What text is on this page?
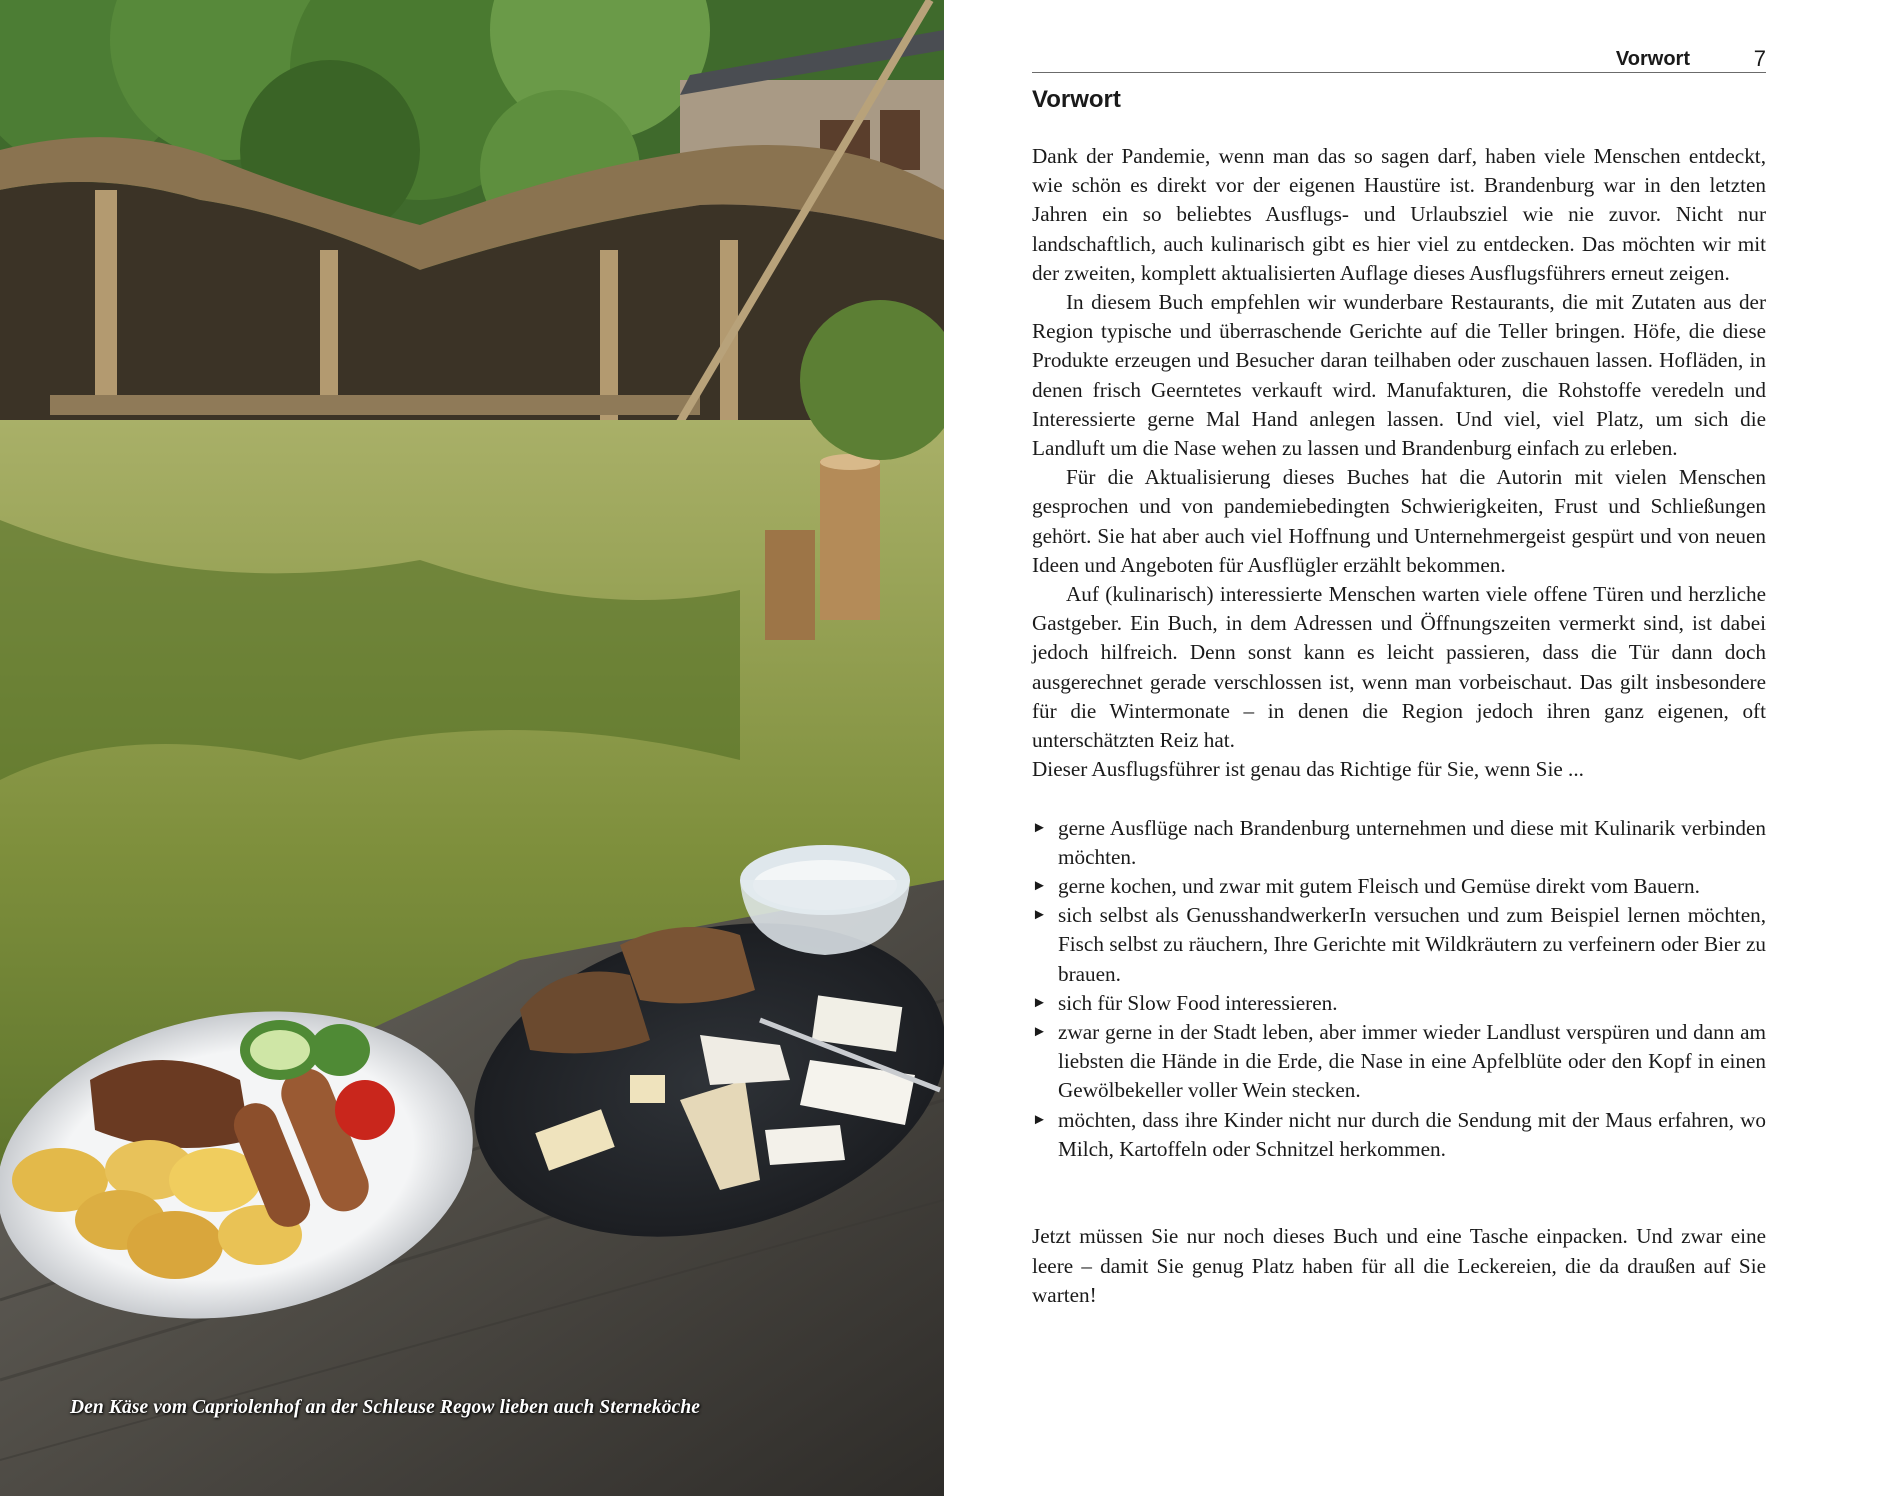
Den Käse vom Capriolenhof an der Schleuse Regow lieben auch Sterneköche
Vorwort	7
Vorwort

Dank der Pandemie, wenn man das so sagen darf, haben viele Menschen entdeckt, wie schön es direkt vor der eigenen Haustüre ist. Brandenburg war in den letzten Jahren ein so beliebtes Ausflugs- und Urlaubsziel wie nie zuvor. Nicht nur landschaftlich, auch kulinarisch gibt es hier viel zu entdecken. Das möchten wir mit der zweiten, komplett aktualisierten Auflage dieses Ausflugsführers erneut zeigen.

In diesem Buch empfehlen wir wunderbare Restaurants, die mit Zutaten aus der Region typische und überraschende Gerichte auf die Teller bringen. Höfe, die diese Produkte erzeugen und Besucher daran teilhaben oder zuschauen lassen. Hofläden, in denen frisch Geerntetes verkauft wird. Manufakturen, die Rohstoffe veredeln und Interessierte gerne Mal Hand anlegen lassen. Und viel, viel Platz, um sich die Landluft um die Nase wehen zu lassen und Brandenburg einfach zu erleben.

Für die Aktualisierung dieses Buches hat die Autorin mit vielen Menschen gesprochen und von pandemiebedingten Schwierigkeiten, Frust und Schließungen gehört. Sie hat aber auch viel Hoffnung und Unternehmergeist gespürt und von neuen Ideen und Angeboten für Ausflügler erzählt bekommen.

Auf (kulinarisch) interessierte Menschen warten viele offene Türen und herzliche Gastgeber. Ein Buch, in dem Adressen und Öffnungszeiten vermerkt sind, ist dabei jedoch hilfreich. Denn sonst kann es leicht passieren, dass die Tür dann doch ausgerechnet gerade verschlossen ist, wenn man vorbeischaut. Das gilt insbesondere für die Wintermonate – in denen die Region jedoch ihren ganz eigenen, oft unterschätzten Reiz hat.

Dieser Ausflugsführer ist genau das Richtige für Sie, wenn Sie ...

► gerne Ausflüge nach Brandenburg unternehmen und diese mit Kulinarik verbinden möchten.
► gerne kochen, und zwar mit gutem Fleisch und Gemüse direkt vom Bauern.
► sich selbst als GenusshandwerkerIn versuchen und zum Beispiel lernen möchten, Fisch selbst zu räuchern, Ihre Gerichte mit Wildkräutern zu verfeinern oder Bier zu brauen.
► sich für Slow Food interessieren.
► zwar gerne in der Stadt leben, aber immer wieder Landlust verspüren und dann am liebsten die Hände in die Erde, die Nase in eine Apfelblüte oder den Kopf in einen Gewölbekeller voller Wein stecken.
► möchten, dass ihre Kinder nicht nur durch die Sendung mit der Maus erfahren, wo Milch, Kartoffeln oder Schnitzel herkommen.

Jetzt müssen Sie nur noch dieses Buch und eine Tasche einpacken. Und zwar eine leere – damit Sie genug Platz haben für all die Leckereien, die da draußen auf Sie warten!
